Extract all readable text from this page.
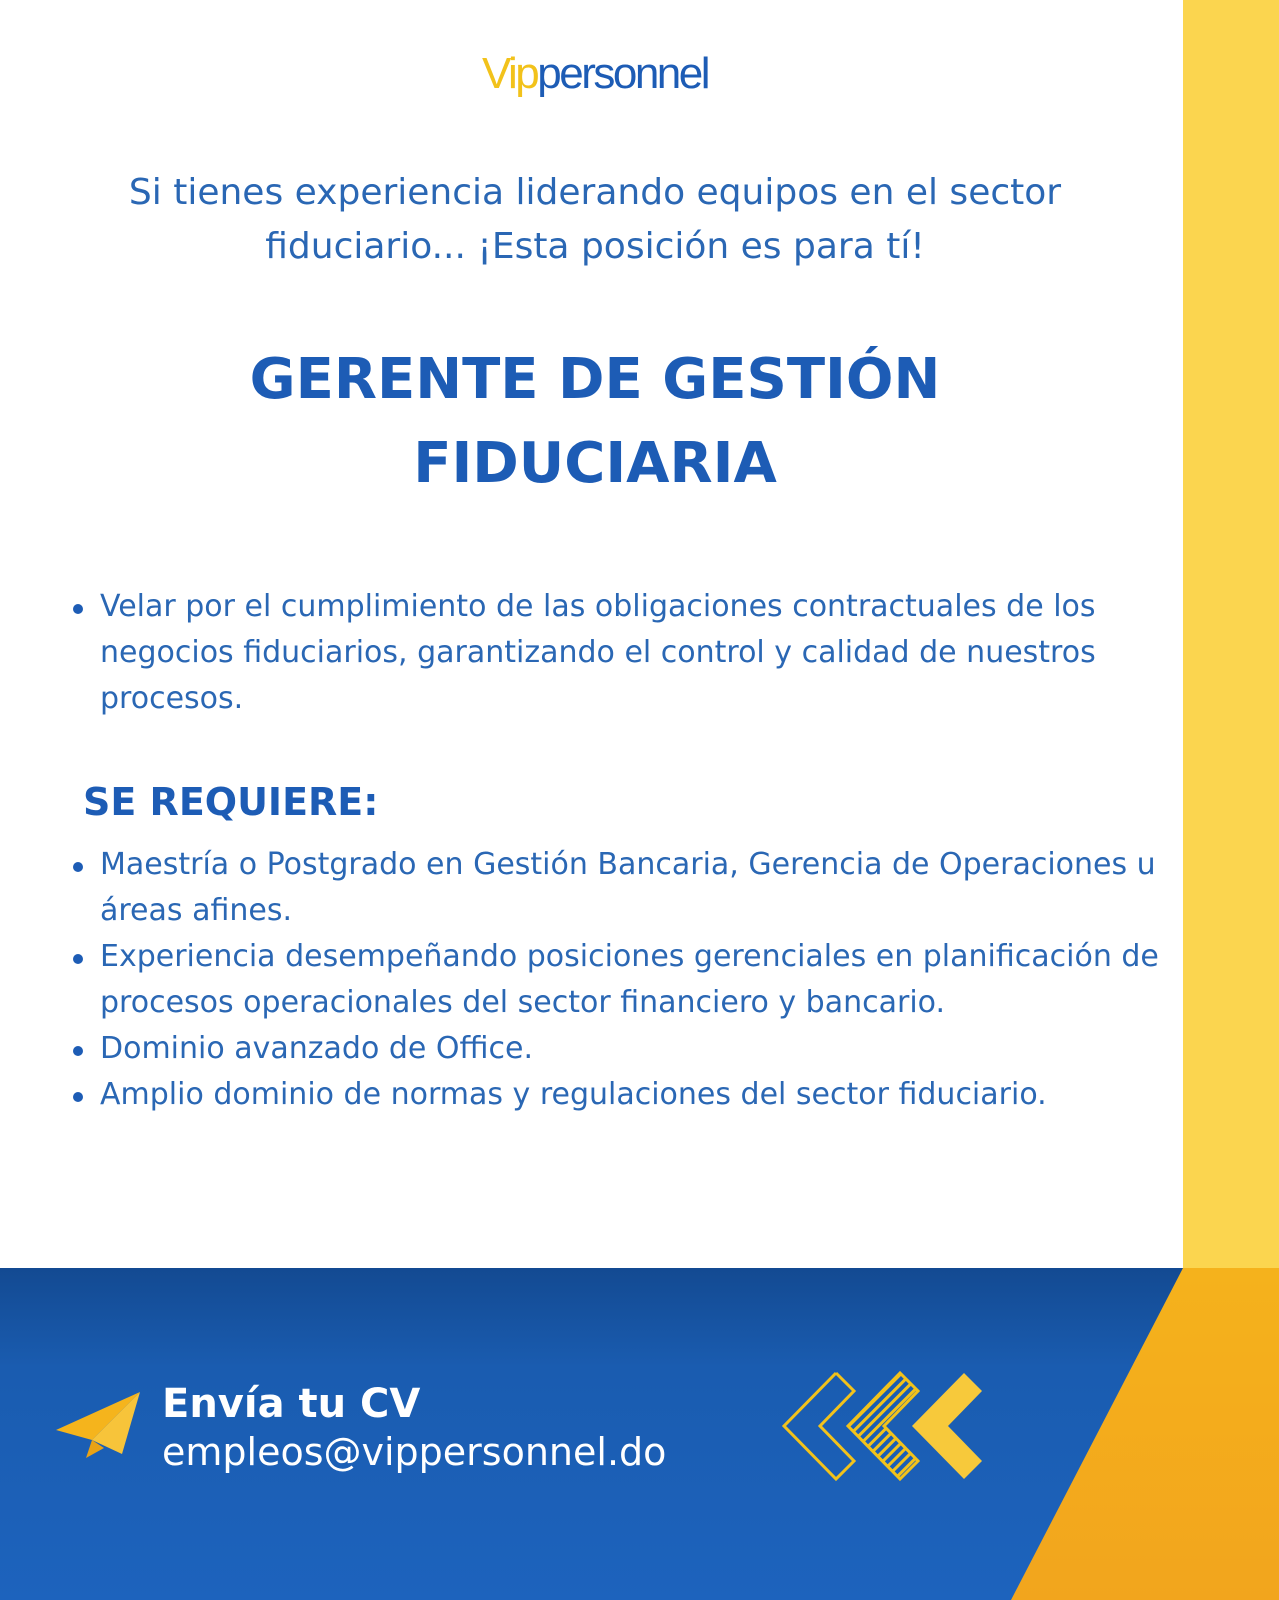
Vippersonnel
Si tienes experiencia liderando equipos en el sector
fiduciario... ¡Esta posición es para tí!
GERENTE DE GESTIÓN
FIDUCIARIA
Velar por el cumplimiento de las obligaciones contractuales de los negocios fiduciarios, garantizando el control y calidad de nuestros procesos.
SE REQUIERE:
Maestría o Postgrado en Gestión Bancaria, Gerencia de Operaciones u áreas afines.
Experiencia desempeñando posiciones gerenciales en planificación de procesos operacionales del sector financiero y bancario.
Dominio avanzado de Office.
Amplio dominio de normas y regulaciones del sector fiduciario.
Envía tu CV
empleos@vippersonnel.do
